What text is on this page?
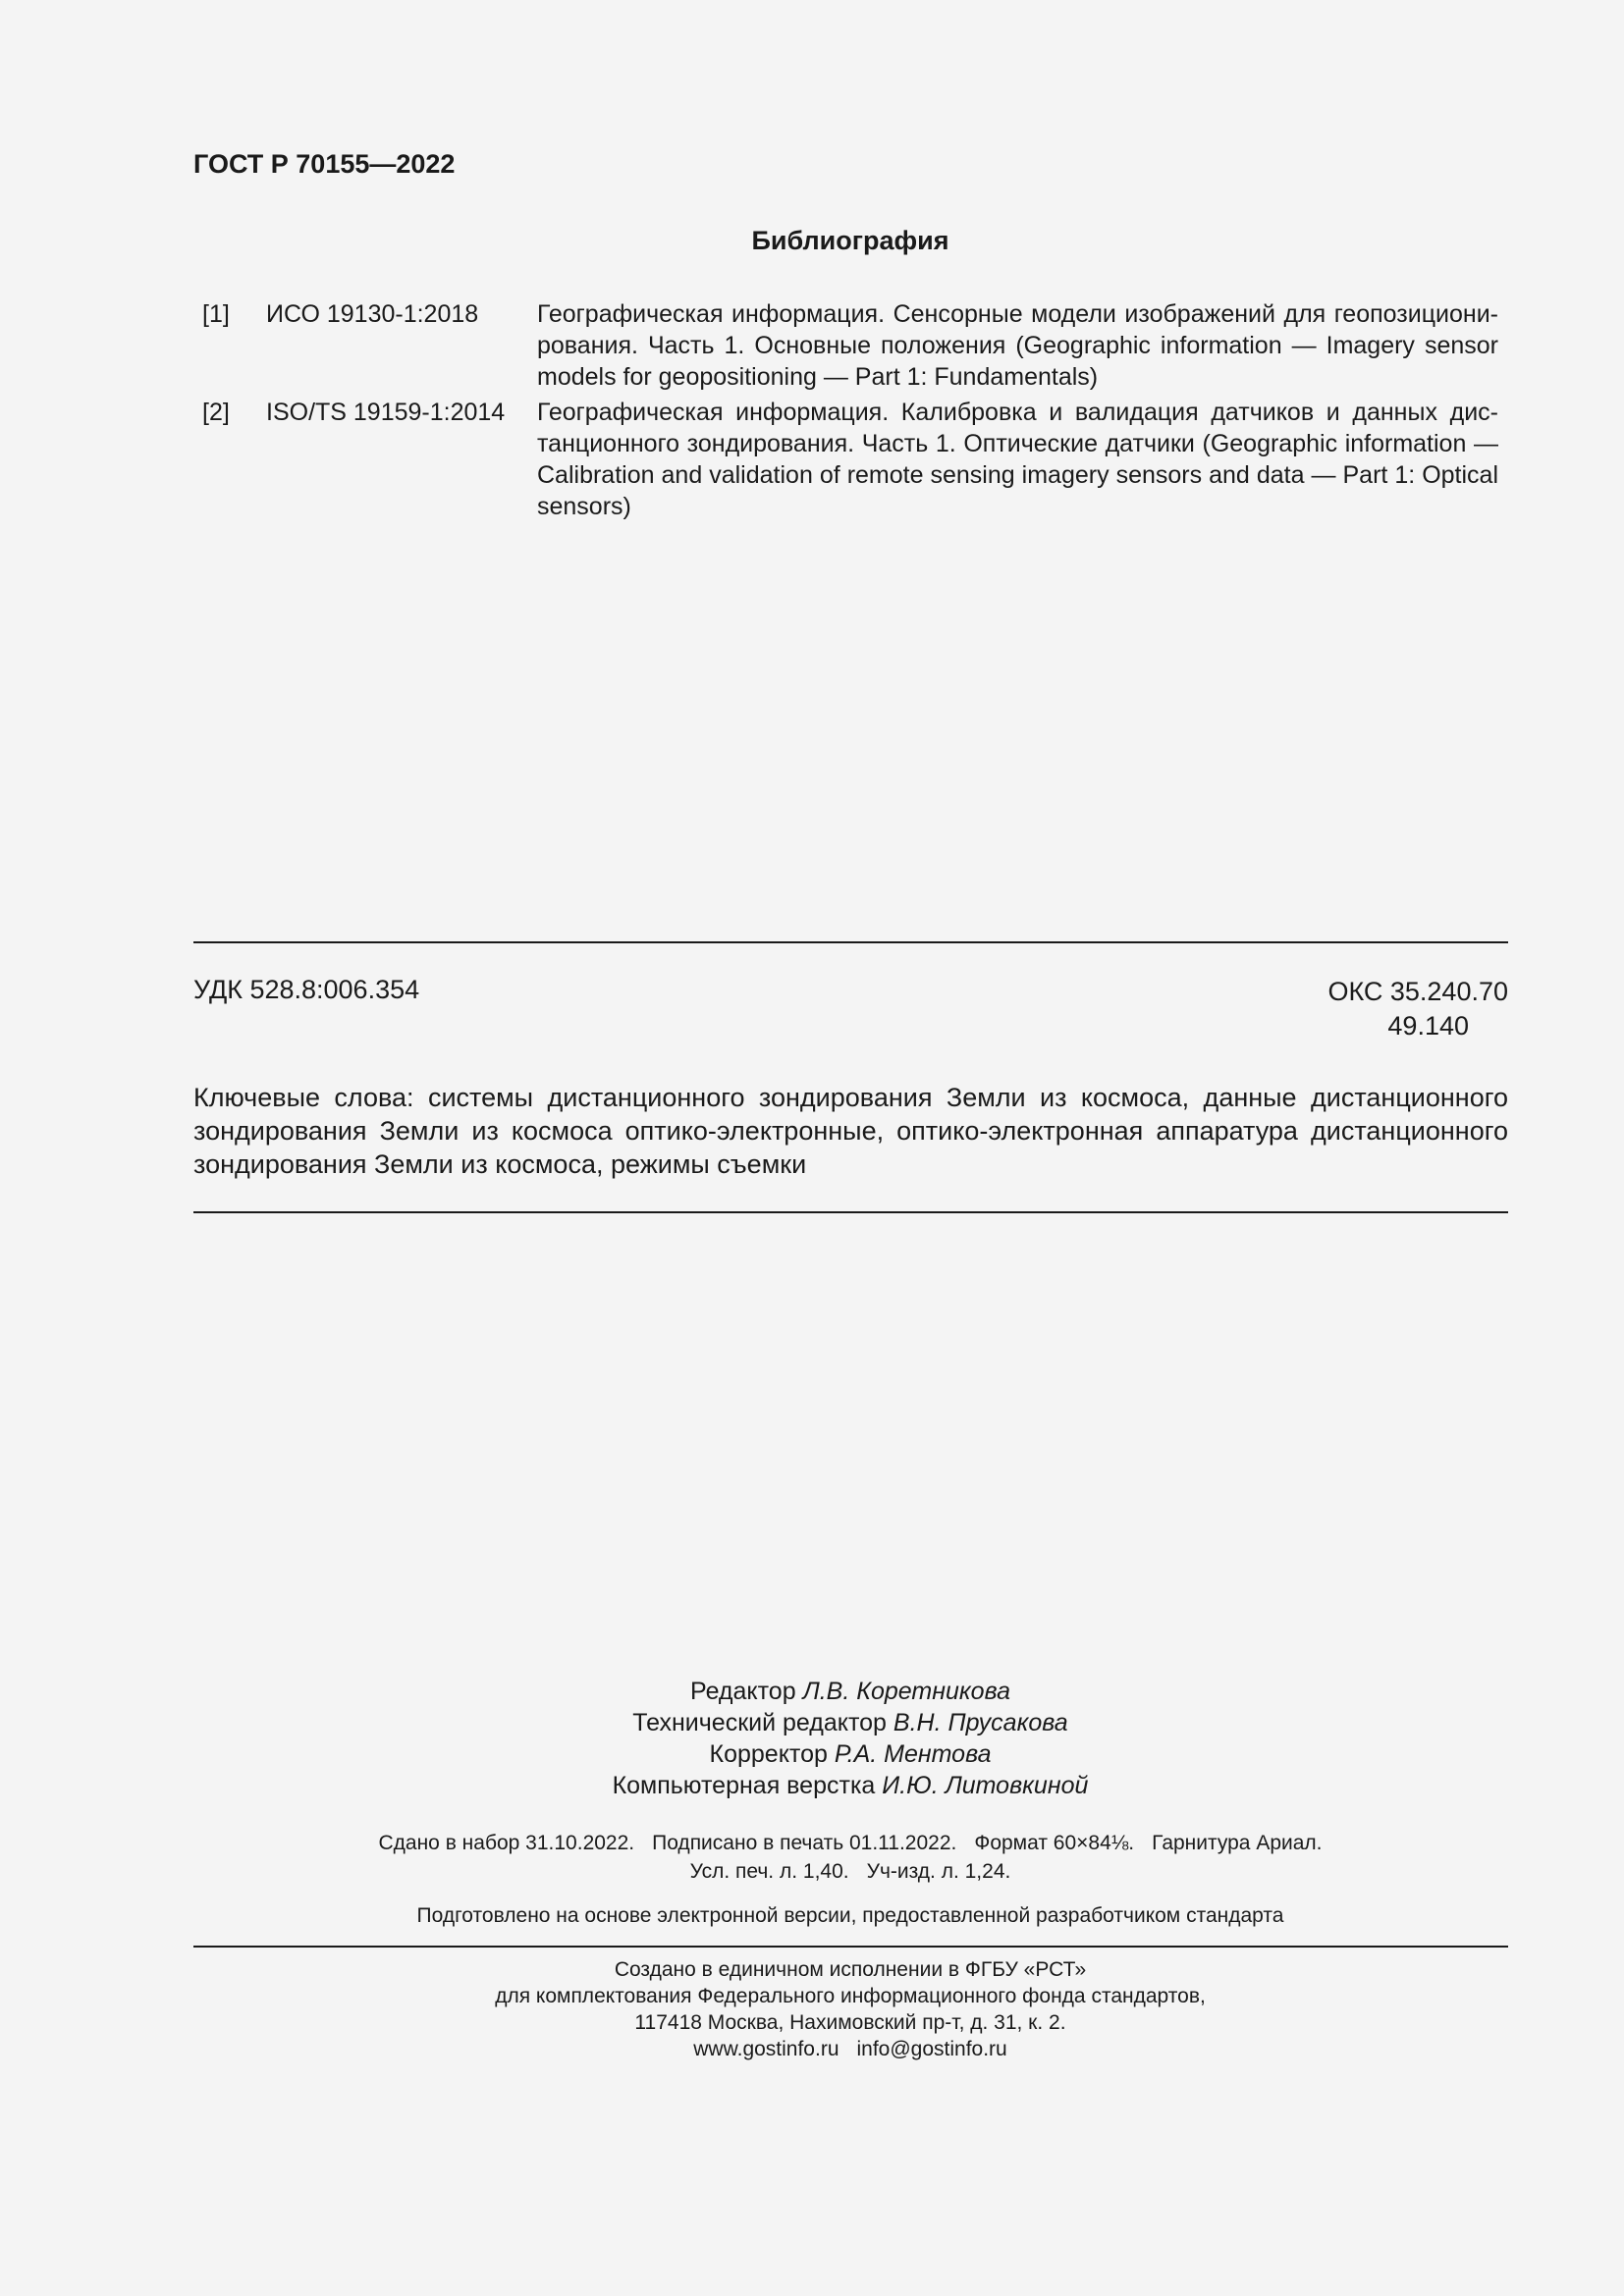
ГОСТ Р 70155—2022
Библиография
[1] ИСО 19130-1:2018 Географическая информация. Сенсорные модели изображений для геопозициони-
рования. Часть 1. Основные положения (Geographic information — Imagery sensor
models for geopositioning — Part 1: Fundamentals)
[2] ISO/TS 19159-1:2014 Географическая информация. Калибровка и валидация датчиков и данных дис-
танционного зондирования. Часть 1. Оптические датчики (Geographic information —
Calibration and validation of remote sensing imagery sensors and data — Part 1: Optical
sensors)
УДК 528.8:006.354	ОКС 35.240.70
49.140
Ключевые слова: системы дистанционного зондирования Земли из космоса, данные дистанционного
зондирования Земли из космоса оптико-электронные, оптико-электронная аппаратура дистанционного
зондирования Земли из космоса, режимы съемки
Редактор Л.В. Коретникова
Технический редактор В.Н. Прусакова
Корректор Р.А. Ментова
Компьютерная верстка И.Ю. Литовкиной
Сдано в набор 31.10.2022. Подписано в печать 01.11.2022. Формат 60×84⅛. Гарнитура Ариал.
Усл. печ. л. 1,40. Уч-изд. л. 1,24.
Подготовлено на основе электронной версии, предоставленной разработчиком стандарта
Создано в единичном исполнении в ФГБУ «РСТ»
для комплектования Федерального информационного фонда стандартов,
117418 Москва, Нахимовский пр-т, д. 31, к. 2.
www.gostinfo.ru info@gostinfo.ru
